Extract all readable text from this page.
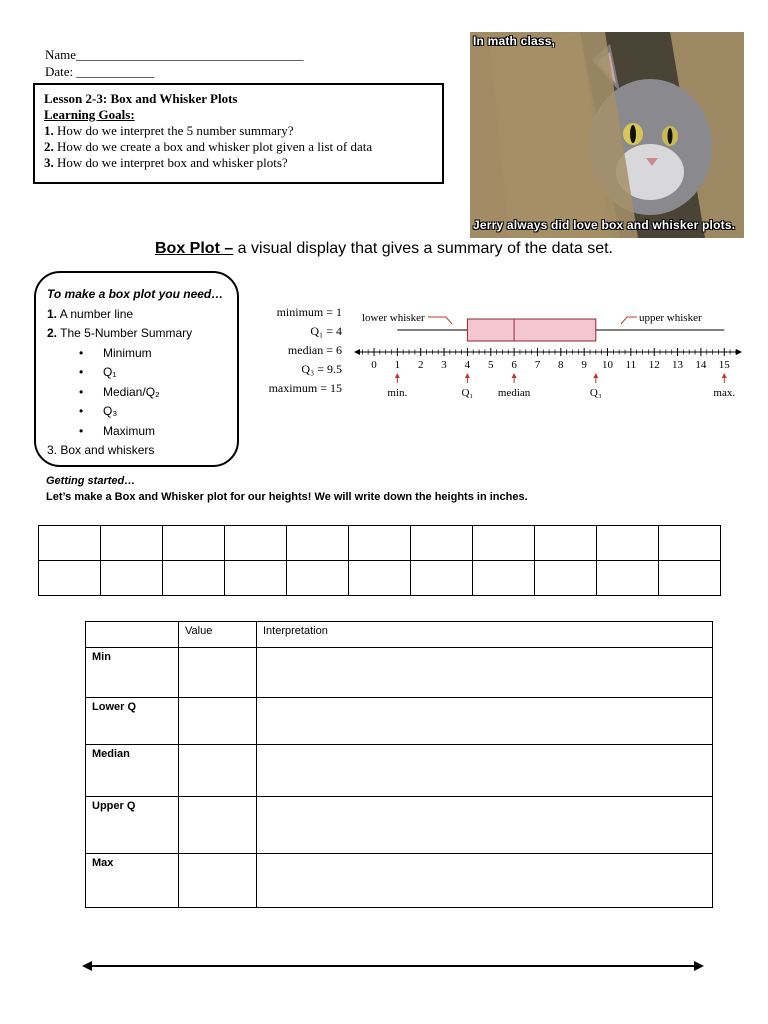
Name___________________________________
Date: ____________
Lesson 2-3: Box and Whisker Plots
Learning Goals:
1. How do we interpret the 5 number summary?
2. How do we create a box and whisker plot given a list of data
3. How do we interpret box and whisker plots?
In math class,
Jerry always did love box and whisker plots.
Box Plot – a visual display that gives a summary of the data set.
To make a box plot you need…
1. A number line
2. The 5-Number Summary
• Minimum
• Q₁
• Median/Q₂
• Q₃
• Maximum
3. Box and whiskers
minimum = 1
Q₁ = 4
median = 6
Q₃ = 9.5
maximum = 15
0 1 2 3 4 5 6 7 8 9 10 11 12 13 14 15
lower whisker	upper whisker
min.	Q₁ median	Q₃	max.
Getting started…
Let’s make a Box and Whisker plot for our heights! We will write down the heights in inches.

	Value	Interpretation
Min		
Lower Q		
Median		
Upper Q		
Max		
